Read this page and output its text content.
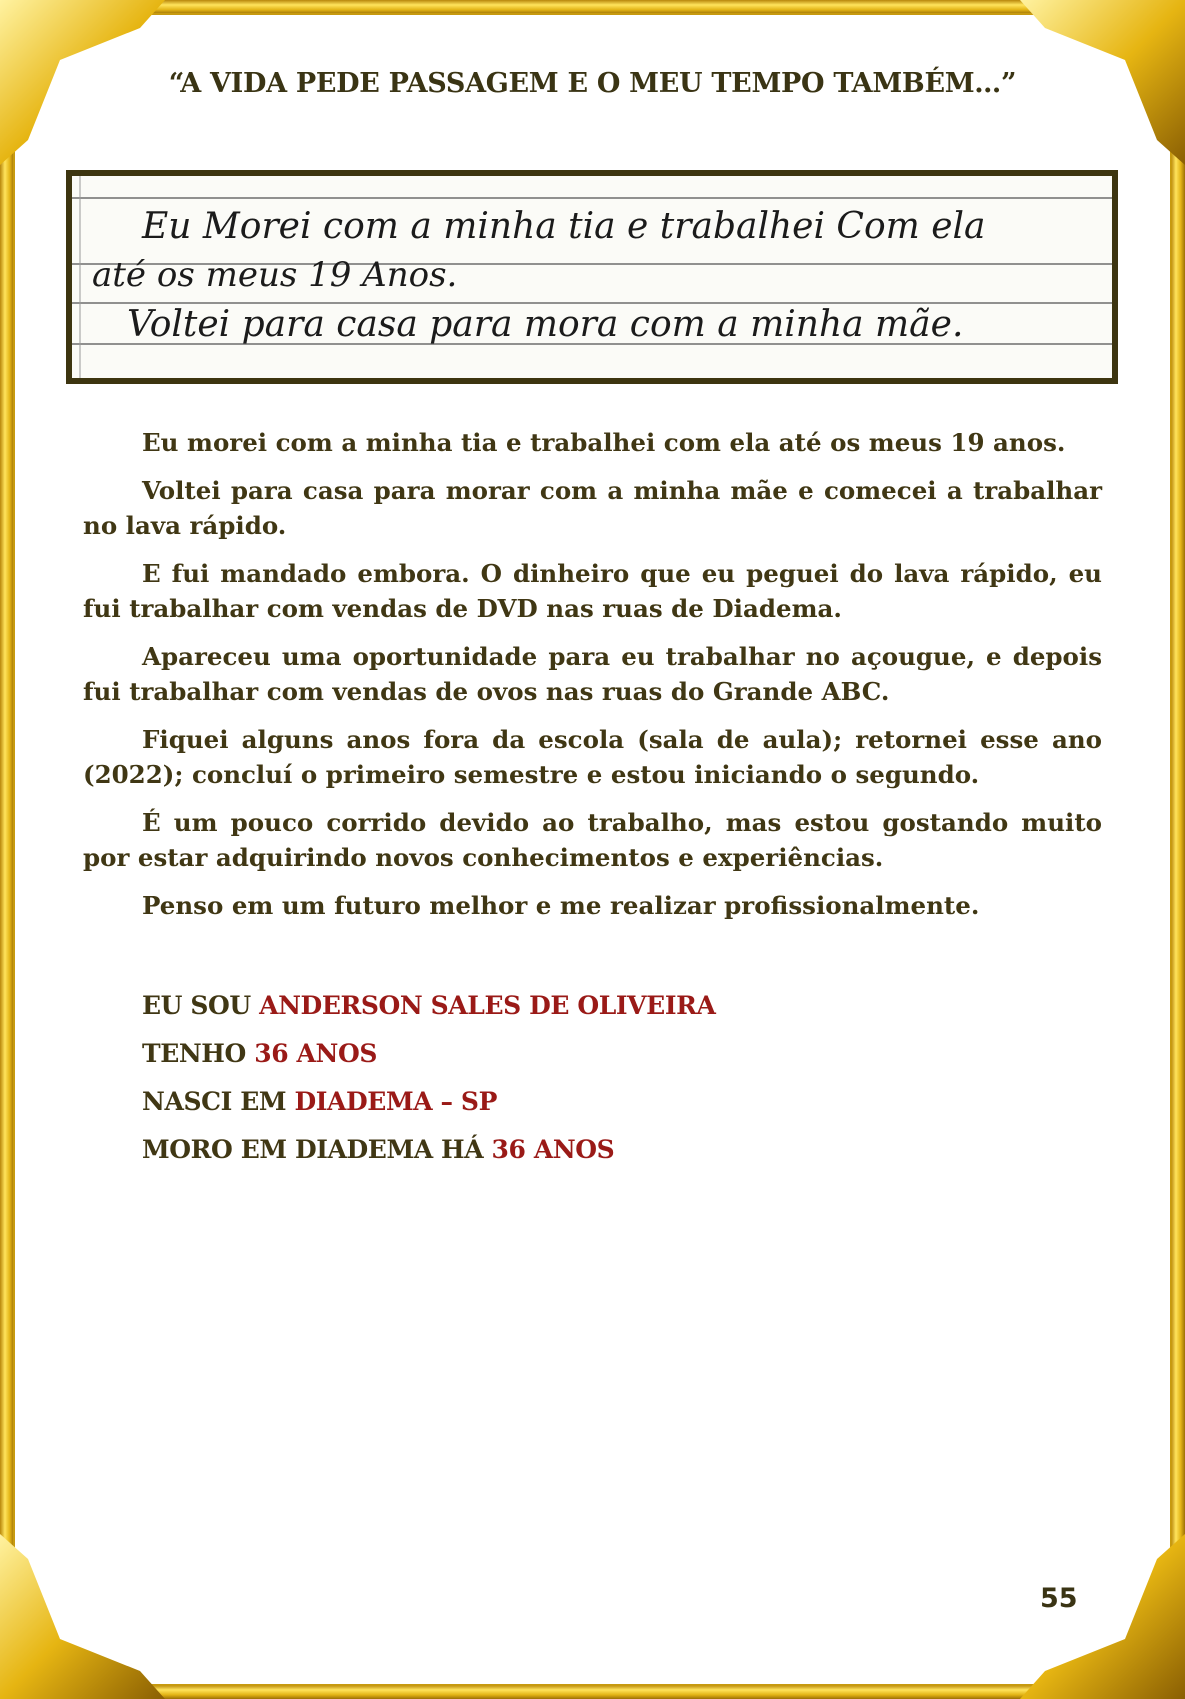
“A VIDA PEDE PASSAGEM E O MEU TEMPO TAMBÉM…”
Eu Morei com a minha tia e trabalhei Com ela
até os meus 19 Anos.
Voltei para casa para mora com a minha mãe.

Eu morei com a minha tia e trabalhei com ela até os meus 19 anos.

Voltei para casa para morar com a minha mãe e comecei a trabalhar no lava rápido.

E fui mandado embora. O dinheiro que eu peguei do lava rápido, eu fui trabalhar com vendas de DVD nas ruas de Diadema.

Apareceu uma oportunidade para eu trabalhar no açougue, e depois fui trabalhar com vendas de ovos nas ruas do Grande ABC.

Fiquei alguns anos fora da escola (sala de aula); retornei esse ano (2022); concluí o primeiro semestre e estou iniciando o segundo.

É um pouco corrido devido ao trabalho, mas estou gostando muito por estar adquirindo novos conhecimentos e experiências.

Penso em um futuro melhor e me realizar profissionalmente.

EU SOU ANDERSON SALES DE OLIVEIRA
TENHO 36 ANOS
NASCI EM DIADEMA – SP
MORO EM DIADEMA HÁ 36 ANOS
55
